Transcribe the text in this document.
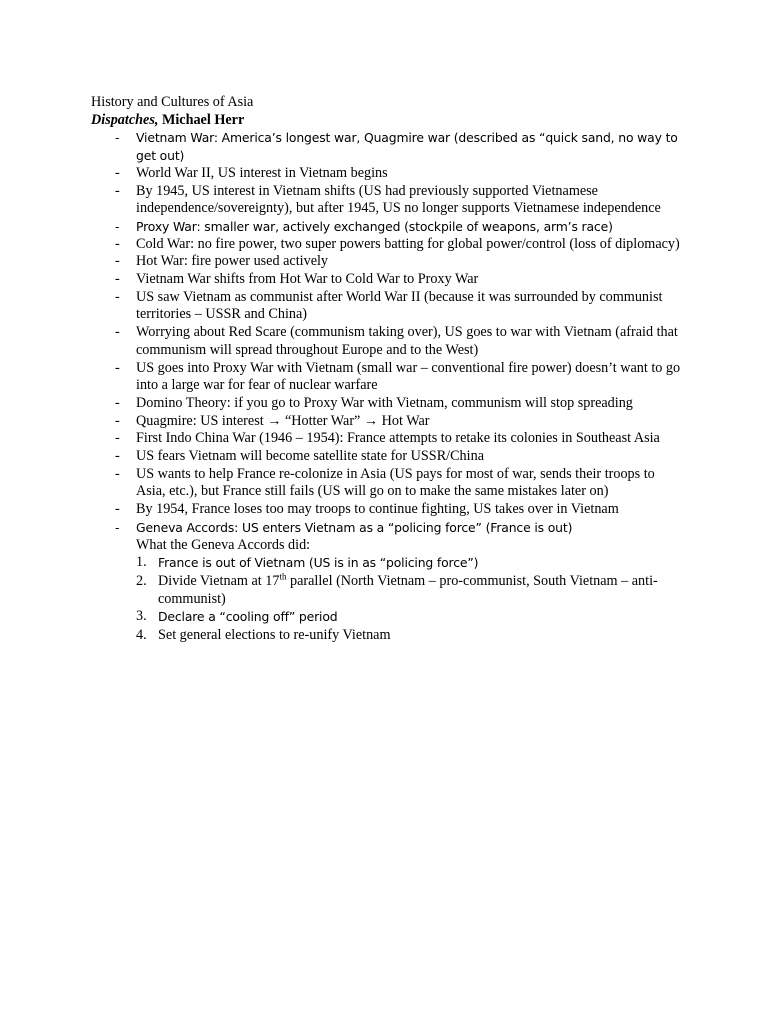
History and Cultures of Asia

Dispatches, Michael Herr

- Vietnam War: America’s longest war, Quagmire war (described as “quick sand, no way to get out)
- World War II, US interest in Vietnam begins
- By 1945, US interest in Vietnam shifts (US had previously supported Vietnamese independence/sovereignty), but after 1945, US no longer supports Vietnamese independence
- Proxy War: smaller war, actively exchanged (stockpile of weapons, arm’s race)
- Cold War: no fire power, two super powers batting for global power/control (loss of diplomacy)
- Hot War: fire power used actively
- Vietnam War shifts from Hot War to Cold War to Proxy War
- US saw Vietnam as communist after World War II (because it was surrounded by communist territories – USSR and China)
- Worrying about Red Scare (communism taking over), US goes to war with Vietnam (afraid that communism will spread throughout Europe and to the West)
- US goes into Proxy War with Vietnam (small war – conventional fire power) doesn’t want to go into a large war for fear of nuclear warfare
- Domino Theory: if you go to Proxy War with Vietnam, communism will stop spreading
- Quagmire: US interest → “Hotter War” → Hot War
- First Indo China War (1946 – 1954): France attempts to retake its colonies in Southeast Asia
- US fears Vietnam will become satellite state for USSR/China
- US wants to help France re-colonize in Asia (US pays for most of war, sends their troops to Asia, etc.), but France still fails (US will go on to make the same mistakes later on)
- By 1954, France loses too may troops to continue fighting, US takes over in Vietnam
- Geneva Accords: US enters Vietnam as a “policing force” (France is out)
What the Geneva Accords did:
1. France is out of Vietnam (US is in as “policing force”)
2. Divide Vietnam at 17th parallel (North Vietnam – pro-communist, South Vietnam – anti-communist)
3. Declare a “cooling off” period
4. Set general elections to re-unify Vietnam
